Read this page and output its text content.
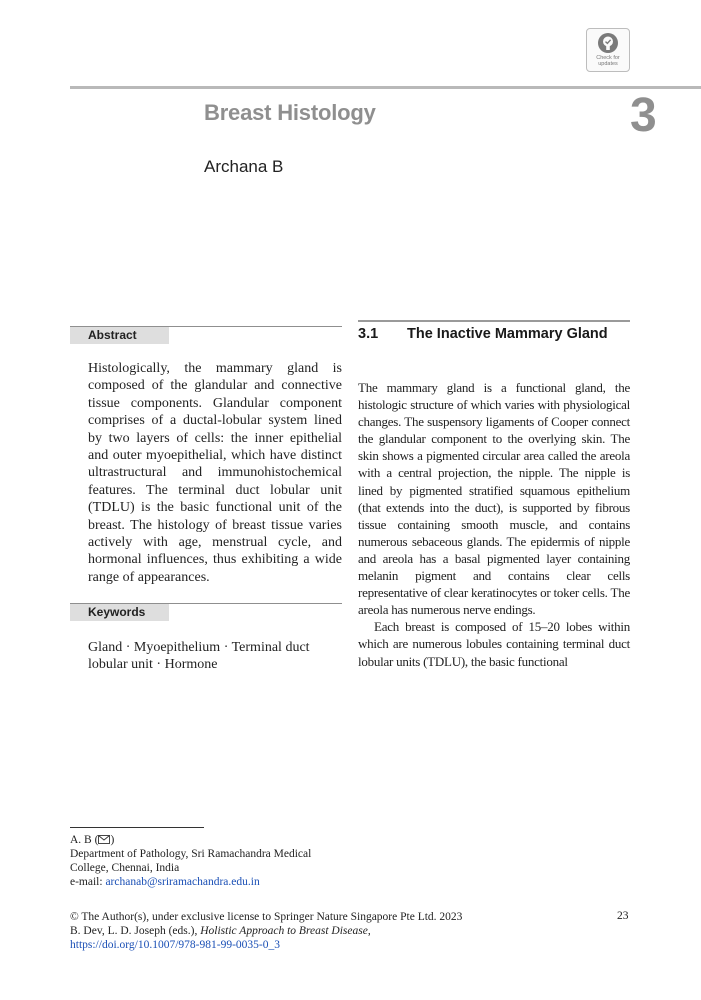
Check for updates
Breast Histology	3
Archana B
Abstract

Histologically, the mammary gland is composed of the glandular and connective tissue components. Glandular component comprises of a ductal-lobular system lined by two layers of cells: the inner epithelial and outer myoepithelial, which have distinct ultrastructural and immunohistochemical features. The terminal duct lobular unit (TDLU) is the basic functional unit of the breast. The histology of breast tissue varies actively with age, menstrual cycle, and hormonal influences, thus exhibiting a wide range of appearances.

Keywords

Gland · Myoepithelium · Terminal duct lobular unit · Hormone

3.1 The Inactive Mammary Gland

The mammary gland is a functional gland, the histologic structure of which varies with physiological changes. The suspensory ligaments of Cooper connect the glandular component to the overlying skin. The skin shows a pigmented circular area called the areola with a central projection, the nipple. The nipple is lined by pigmented stratified squamous epithelium (that extends into the duct), is supported by fibrous tissue containing smooth muscle, and contains numerous sebaceous glands. The epidermis of nipple and areola has a basal pigmented layer containing melanin pigment and contains clear cells representative of clear keratinocytes or toker cells. The areola has numerous nerve endings.

Each breast is composed of 15–20 lobes within which are numerous lobules containing terminal duct lobular units (TDLU), the basic functional

A. B ( )
Department of Pathology, Sri Ramachandra Medical
College, Chennai, India
e-mail: archanab@sriramachandra.edu.in

© The Author(s), under exclusive license to Springer Nature Singapore Pte Ltd. 2023
B. Dev, L. D. Joseph (eds.), Holistic Approach to Breast Disease,
https://doi.org/10.1007/978-981-99-0035-0_3

23
